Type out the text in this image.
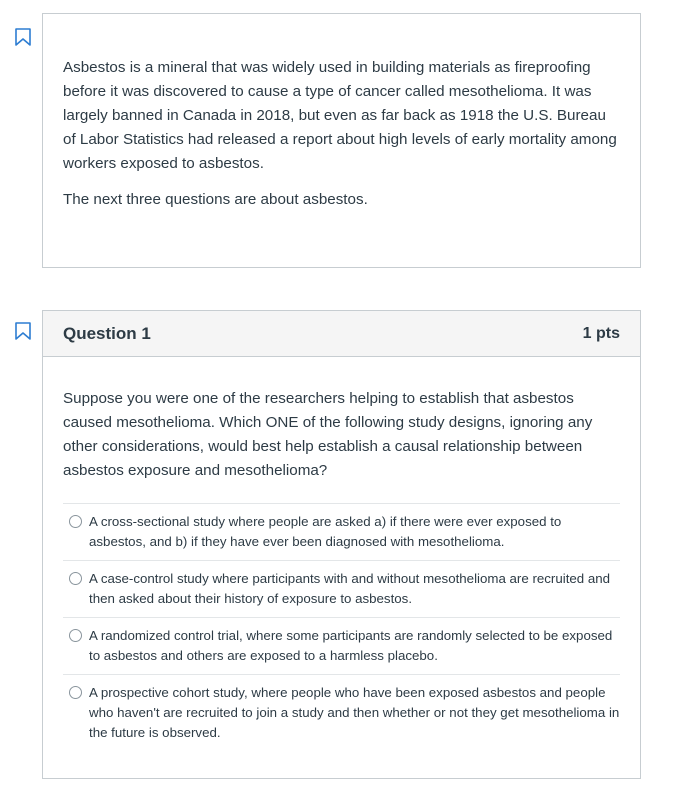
Asbestos is a mineral that was widely used in building materials as fireproofing before it was discovered to cause a type of cancer called mesothelioma. It was largely banned in Canada in 2018, but even as far back as 1918 the U.S. Bureau of Labor Statistics had released a report about high levels of early mortality among workers exposed to asbestos.

The next three questions are about asbestos.

Question 1	1 pts

Suppose you were one of the researchers helping to establish that asbestos caused mesothelioma. Which ONE of the following study designs, ignoring any other considerations, would best help establish a causal relationship between asbestos exposure and mesothelioma?

A cross-sectional study where people are asked a) if there were ever exposed to asbestos, and b) if they have ever been diagnosed with mesothelioma.
A case-control study where participants with and without mesothelioma are recruited and then asked about their history of exposure to asbestos.
A randomized control trial, where some participants are randomly selected to be exposed to asbestos and others are exposed to a harmless placebo.
A prospective cohort study, where people who have been exposed asbestos and people who haven't are recruited to join a study and then whether or not they get mesothelioma in the future is observed.
